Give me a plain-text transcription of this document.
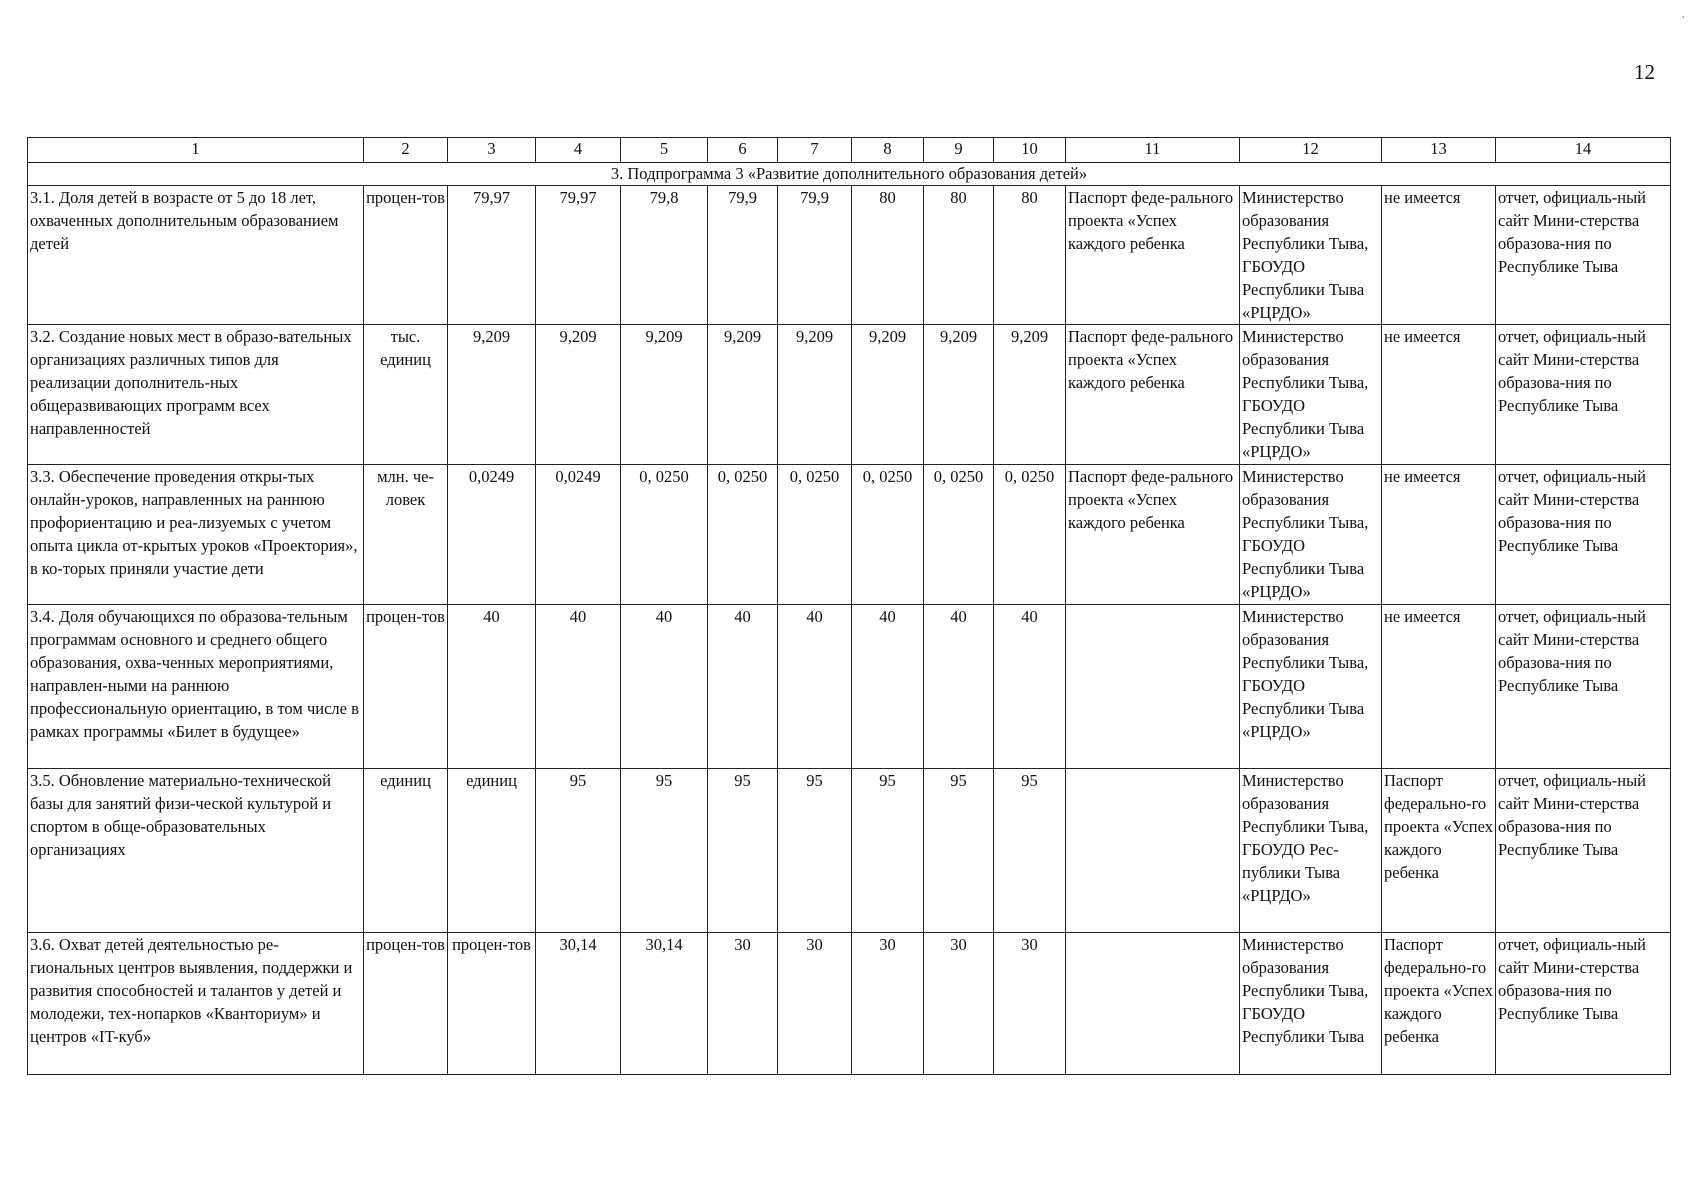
`
12
1	2	3	4	5	6	7	8	9	10	11	12	13	14
3. Подпрограмма 3 «Развитие дополнительного образования детей»													
3.1. Доля детей в возрасте от 5 до 18 лет, охваченных дополнительным образованием детей	процен-тов	79,97	79,97	79,8	79,9	79,9	80	80	80	Паспорт феде-рального проекта «Успех каждого ребенка	Министерство образования Республики Тыва, ГБОУДО Республики Тыва «РЦРДО»	не имеется	отчет, официаль-ный сайт Мини-стерства образова-ния по Республике Тыва
3.2. Создание новых мест в образо-вательных организациях различных типов для реализации дополнитель-ных общеразвивающих программ всех направленностей	тыс. единиц	9,209	9,209	9,209	9,209	9,209	9,209	9,209	9,209	Паспорт феде-рального проекта «Успех каждого ребенка	Министерство образования Республики Тыва, ГБОУДО Республики Тыва «РЦРДО»	не имеется	отчет, официаль-ный сайт Мини-стерства образова-ния по Республике Тыва
3.3. Обеспечение проведения откры-тых онлайн-уроков, направленных на раннюю профориентацию и реа-лизуемых с учетом опыта цикла от-крытых уроков «Проектория», в ко-торых приняли участие дети	млн. че-ловек	0,0249	0,0249	0, 0250	0, 0250	0, 0250	0, 0250	0, 0250	0, 0250	Паспорт феде-рального проекта «Успех каждого ребенка	Министерство образования Республики Тыва, ГБОУДО Республики Тыва «РЦРДО»	не имеется	отчет, официаль-ный сайт Мини-стерства образова-ния по Республике Тыва
3.4. Доля обучающихся по образова-тельным программам основного и среднего общего образования, охва-ченных мероприятиями, направлен-ными на раннюю профессиональную ориентацию, в том числе в рамках программы «Билет в будущее»	процен-тов	40	40	40	40	40	40	40	40		Министерство образования Республики Тыва, ГБОУДО Республики Тыва «РЦРДО»	не имеется	отчет, официаль-ный сайт Мини-стерства образова-ния по Республике Тыва
3.5. Обновление материально-технической базы для занятий физи-ческой культурой и спортом в обще-образовательных организациях	единиц	единиц	95	95	95	95	95	95	95		Министерство образования Республики Тыва, ГБОУДО Рес-публики Тыва «РЦРДО»	Паспорт федерально-го проекта «Успех каждого ребенка	отчет, официаль-ный сайт Мини-стерства образова-ния по Республике Тыва
3.6. Охват детей деятельностью ре-гиональных центров выявления, поддержки и развития способностей и талантов у детей и молодежи, тех-нопарков «Кванториум» и центров «IT-куб»	процен-тов	процен-тов	30,14	30,14	30	30	30	30	30		Министерство образования Республики Тыва, ГБОУДО Республики Тыва	Паспорт федерально-го проекта «Успех каждого ребенка	отчет, официаль-ный сайт Мини-стерства образова-ния по Республике Тыва
